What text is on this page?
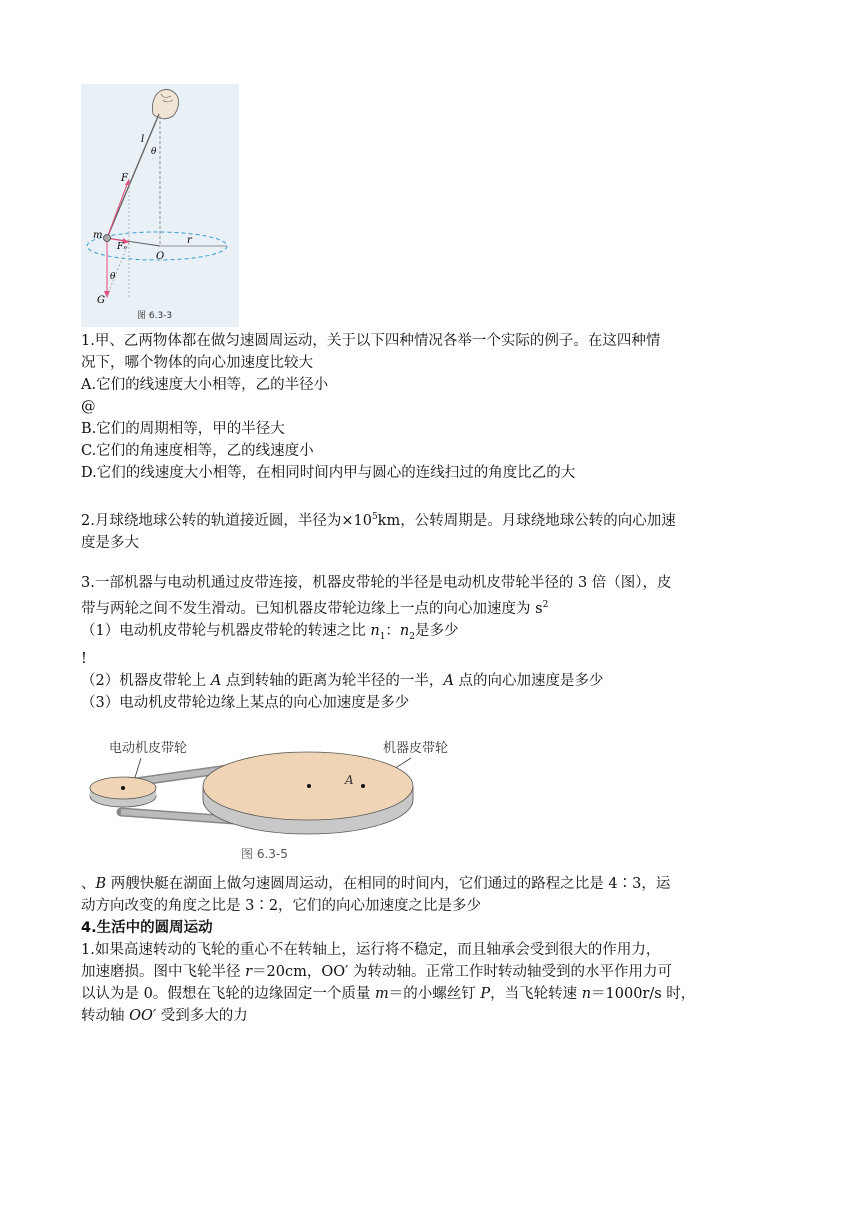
l
θ
F
m
Fₙ
O
r
θ
G
图 6.3-3
1.甲、乙两物体都在做匀速圆周运动，关于以下四种情况各举一个实际的例子。在这四种情
况下，哪个物体的向心加速度比较大
A.它们的线速度大小相等，乙的半径小
@
B.它们的周期相等，甲的半径大
C.它们的角速度相等，乙的线速度小
D.它们的线速度大小相等，在相同时间内甲与圆心的连线扫过的角度比乙的大
2.月球绕地球公转的轨道接近圆，半径为$\times 10^5km$，公转周期是。月球绕地球公转的向心加速
度是多大
3.一部机器与电动机通过皮带连接，机器皮带轮的半径是电动机皮带轮半径的 3 倍（图），皮
带与两轮之间不发生滑动。已知机器皮带轮边缘上一点的向心加速度为 $s^2$
（1）电动机皮带轮与机器皮带轮的转速之比 $n_1$：$n_2$是多少
!
（2）机器皮带轮上 A 点到转轴的距离为轮半径的一半，A 点的向心加速度是多少
（3）电动机皮带轮边缘上某点的向心加速度是多少
电动机皮带轮	机器皮带轮
A
图 6.3-5
、B 两艘快艇在湖面上做匀速圆周运动，在相同的时间内，它们通过的路程之比是 4∶3，运
动方向改变的角度之比是 3∶2，它们的向心加速度之比是多少
4.生活中的圆周运动
1.如果高速转动的飞轮的重心不在转轴上，运行将不稳定，而且轴承会受到很大的作用力，
加速磨损。图中飞轮半径 r＝20cm，OO′ 为转动轴。正常工作时转动轴受到的水平作用力可
以认为是 0。假想在飞轮的边缘固定一个质量 m＝的小螺丝钉 P，当飞轮转速 n＝1000r/s 时，
转动轴 OO′ 受到多大的力
